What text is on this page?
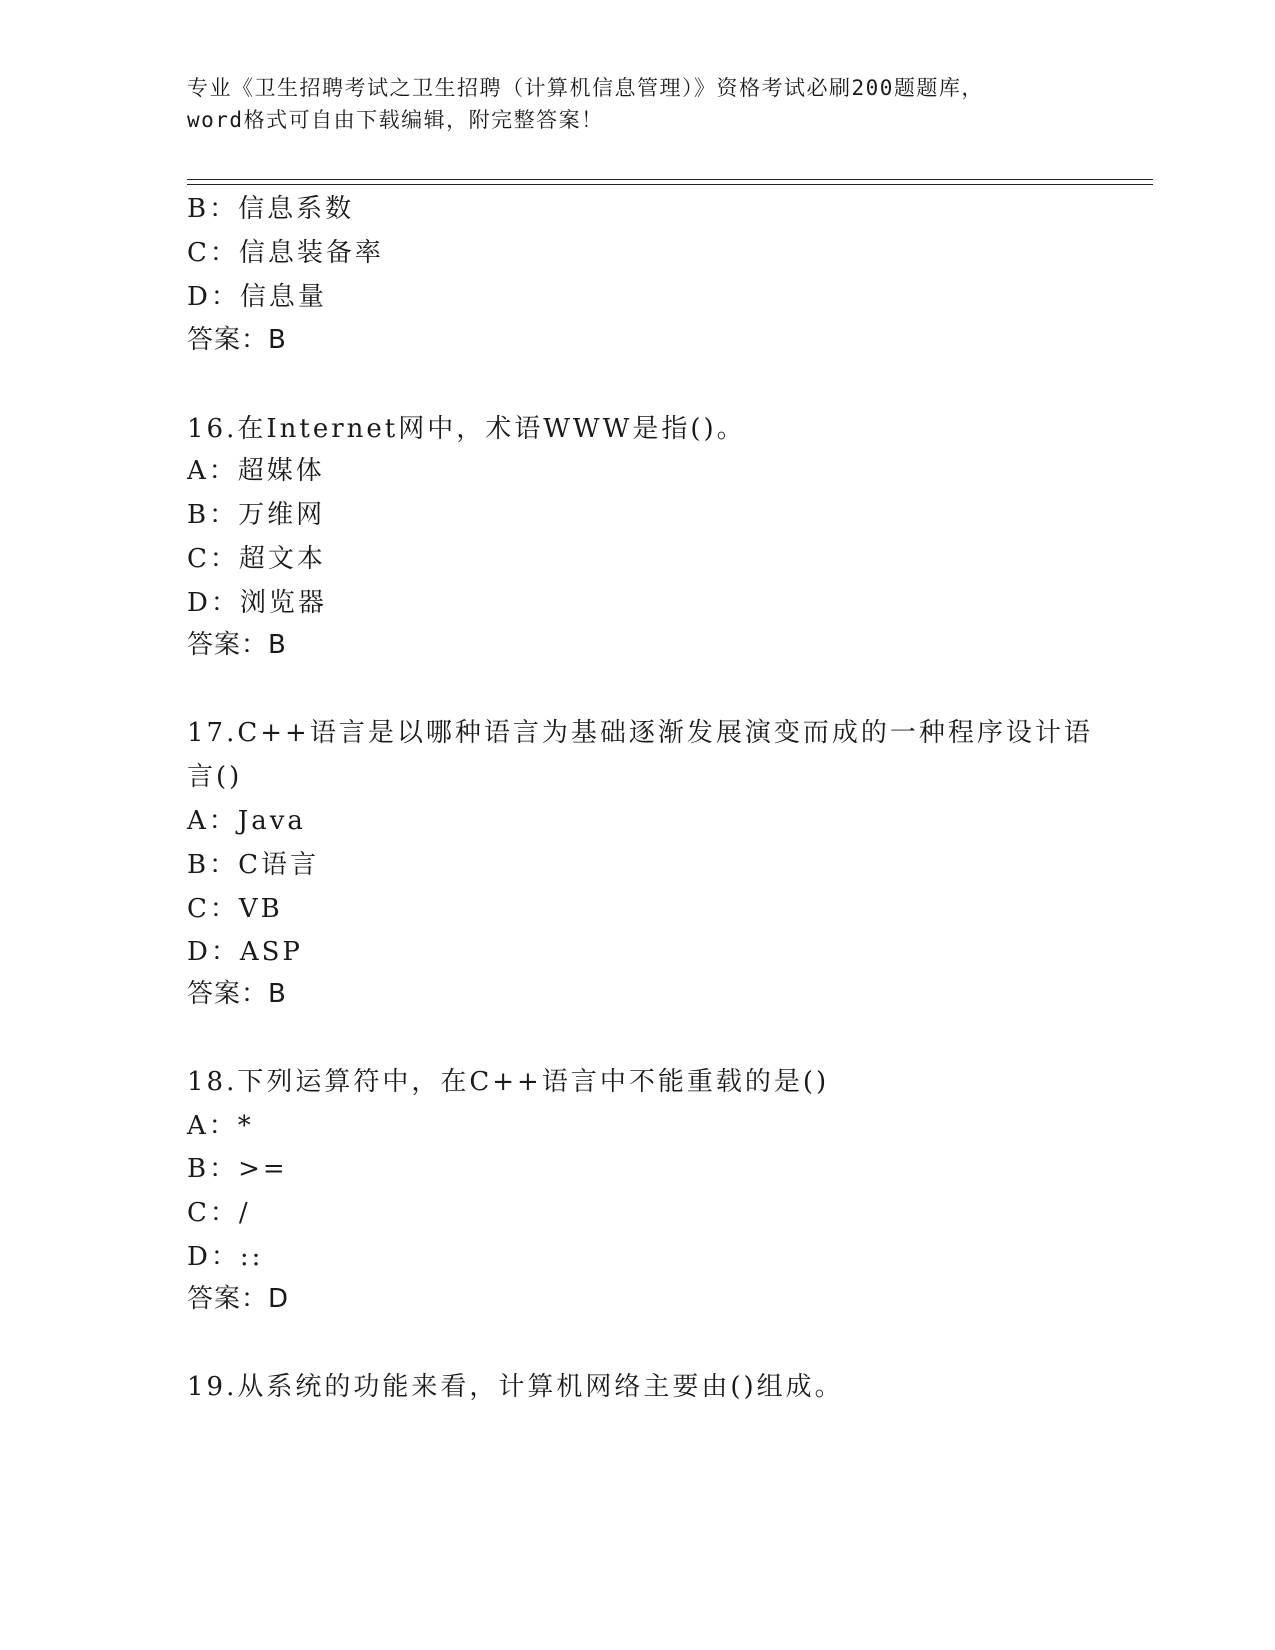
专业《卫生招聘考试之卫生招聘（计算机信息管理）》资格考试必刷200题题库，
word格式可自由下载编辑，附完整答案！
B：信息系数
C：信息装备率
D：信息量
答案：B
16.在Internet网中，术语WWW是指()。
A：超媒体
B：万维网
C：超文本
D：浏览器
答案：B
17.C++语言是以哪种语言为基础逐渐发展演变而成的一种程序设计语
言()
A：Java
B：C语言
C：VB
D：ASP
答案：B
18.下列运算符中，在C++语言中不能重载的是()
A：*
B：>=
C：/
D：::
答案：D
19.从系统的功能来看，计算机网络主要由()组成。
